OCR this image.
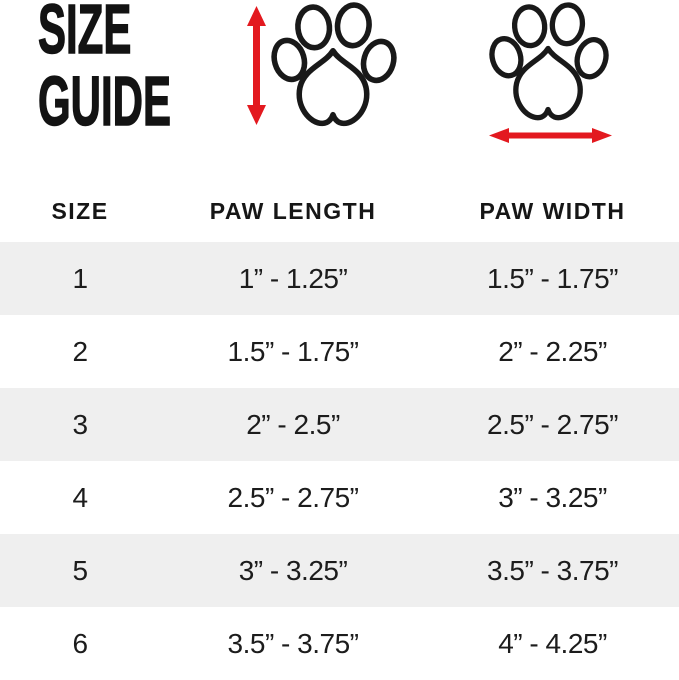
SIZE
GUIDE
SIZE	PAW LENGTH	PAW WIDTH
1	1” - 1.25”	1.5” - 1.75”
2	1.5” - 1.75”	2” - 2.25”
3	2” - 2.5”	2.5” - 2.75”
4	2.5” - 2.75”	3” - 3.25”
5	3” - 3.25”	3.5” - 3.75”
6	3.5” - 3.75”	4” - 4.25”
